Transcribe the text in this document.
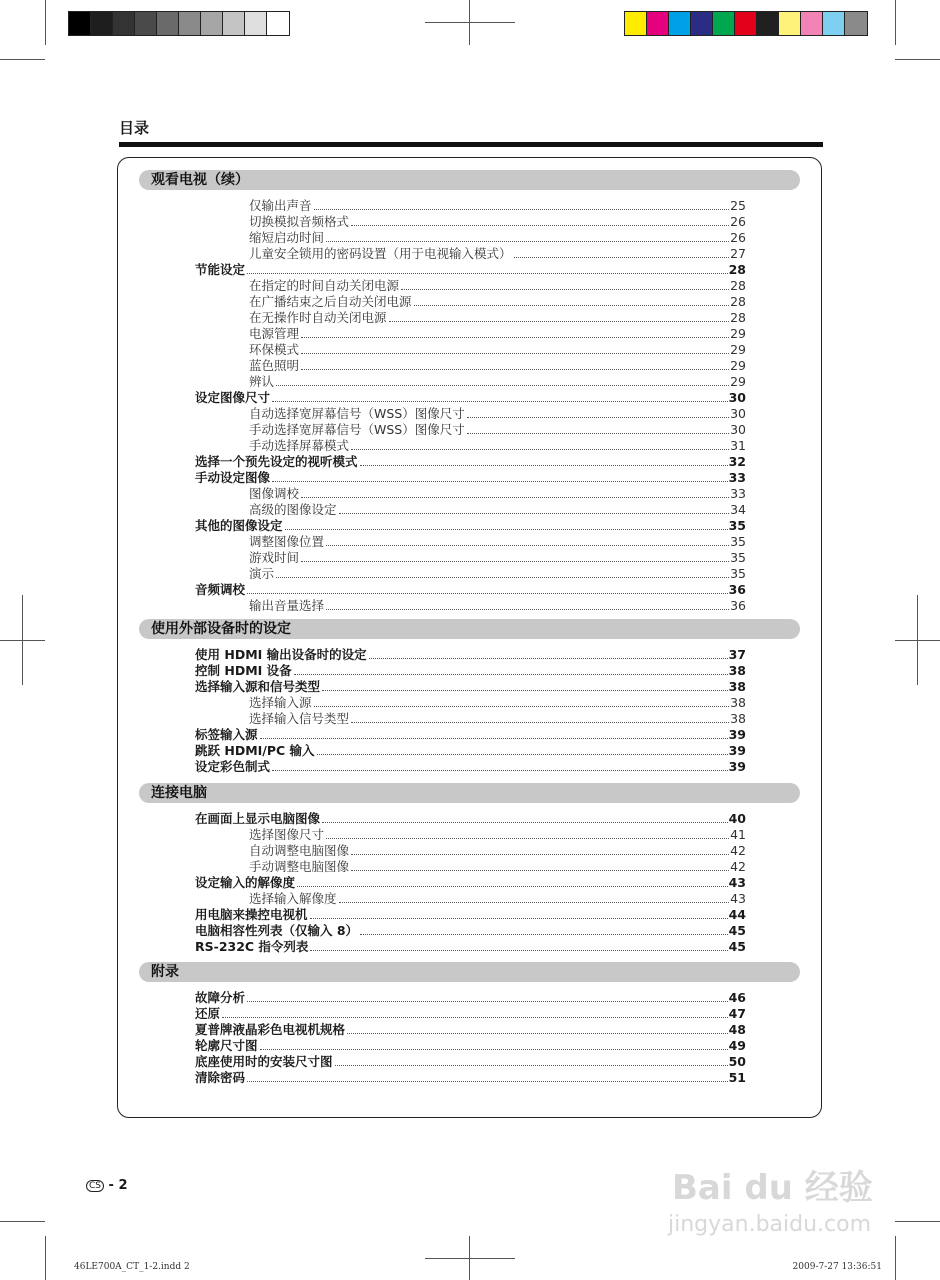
目录
观看电视（续）
仅输出声音	25
切换模拟音频格式	26
缩短启动时间	26
儿童安全锁用的密码设置（用于电视输入模式）	27
节能设定	28
在指定的时间自动关闭电源	28
在广播结束之后自动关闭电源	28
在无操作时自动关闭电源	28
电源管理	29
环保模式	29
蓝色照明	29
辨认	29
设定图像尺寸	30
自动选择宽屏幕信号（WSS）图像尺寸	30
手动选择宽屏幕信号（WSS）图像尺寸	30
手动选择屏幕模式	31
选择一个预先设定的视听模式	32
手动设定图像	33
图像调校	33
高级的图像设定	34
其他的图像设定	35
调整图像位置	35
游戏时间	35
演示	35
音频调校	36
输出音量选择	36
使用外部设备时的设定
使用 HDMI 输出设备时的设定	37
控制 HDMI 设备	38
选择输入源和信号类型	38
选择输入源	38
选择输入信号类型	38
标签输入源	39
跳跃 HDMI/PC 输入	39
设定彩色制式	39
连接电脑
在画面上显示电脑图像	40
选择图像尺寸	41
自动调整电脑图像	42
手动调整电脑图像	42
设定输入的解像度	43
选择输入解像度	43
用电脑来操控电视机	44
电脑相容性列表（仅输入 8）	45
RS-232C 指令列表	45
附录
故障分析	46
还原	47
夏普牌液晶彩色电视机规格	48
轮廓尺寸图	49
底座使用时的安装尺寸图	50
清除密码	51
CS - 2
46LE700A_CT_1-2.indd 2	2009-7-27 13:36:51
Bai du 经验
jingyan.baidu.com
